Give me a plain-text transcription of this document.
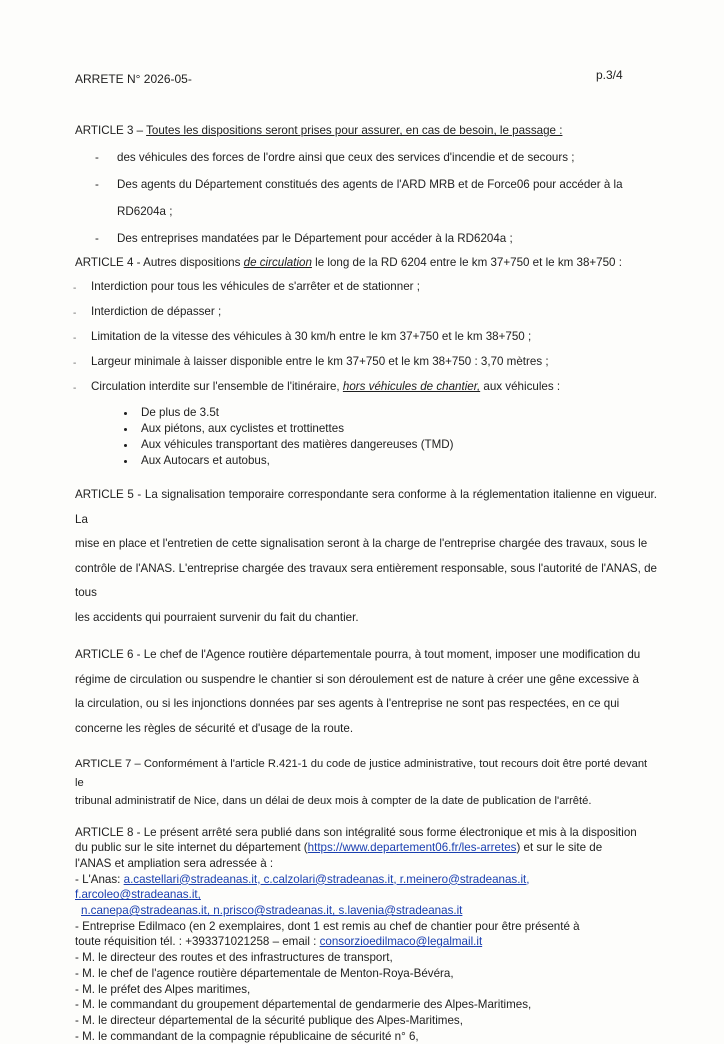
ARRETE N° 2026-05-	p.3/4

ARTICLE 3 – Toutes les dispositions seront prises pour assurer, en cas de besoin, le passage :

- des véhicules des forces de l'ordre ainsi que ceux des services d'incendie et de secours ;
- Des agents du Département constitués des agents de l'ARD MRB et de Force06 pour accéder à la
RD6204a ;
- Des entreprises mandatées par le Département pour accéder à la RD6204a ;

ARTICLE 4 - Autres dispositions de circulation le long de la RD 6204 entre le km 37+750 et le km 38+750 :

- Interdiction pour tous les véhicules de s'arrêter et de stationner ;
- Interdiction de dépasser ;
- Limitation de la vitesse des véhicules à 30 km/h entre le km 37+750 et le km 38+750 ;
- Largeur minimale à laisser disponible entre le km 37+750 et le km 38+750 : 3,70 mètres ;
- Circulation interdite sur l'ensemble de l'itinéraire, hors véhicules de chantier, aux véhicules :
• De plus de 3.5t
• Aux piétons, aux cyclistes et trottinettes
• Aux véhicules transportant des matières dangereuses (TMD)
• Aux Autocars et autobus,
ARTICLE 5 - La signalisation temporaire correspondante sera conforme à la réglementation italienne en vigueur. La
mise en place et l'entretien de cette signalisation seront à la charge de l'entreprise chargée des travaux, sous le
contrôle de l'ANAS. L'entreprise chargée des travaux sera entièrement responsable, sous l'autorité de l'ANAS, de tous
les accidents qui pourraient survenir du fait du chantier.
ARTICLE 6 - Le chef de l'Agence routière départementale pourra, à tout moment, imposer une modification du
régime de circulation ou suspendre le chantier si son déroulement est de nature à créer une gêne excessive à
la circulation, ou si les injonctions données par ses agents à l'entreprise ne sont pas respectées, en ce qui
concerne les règles de sécurité et d'usage de la route.
ARTICLE 7 – Conformément à l'article R.421-1 du code de justice administrative, tout recours doit être porté devant le
tribunal administratif de Nice, dans un délai de deux mois à compter de la date de publication de l'arrêté.
ARTICLE 8 - Le présent arrêté sera publié dans son intégralité sous forme électronique et mis à la disposition
du public sur le site internet du département (https://www.departement06.fr/les-arretes) et sur le site de
l'ANAS et ampliation sera adressée à :
- L'Anas: a.castellari@stradeanas.it, c.calzolari@stradeanas.it, r.meinero@stradeanas.it, f.arcoleo@stradeanas.it,
n.canepa@stradeanas.it, n.prisco@stradeanas.it, s.lavenia@stradeanas.it
- Entreprise Edilmaco (en 2 exemplaires, dont 1 est remis au chef de chantier pour être présenté à
toute réquisition tél. : +393371021258 – email : consorzioedilmaco@legalmail.it
- M. le directeur des routes et des infrastructures de transport,
- M. le chef de l'agence routière départementale de Menton-Roya-Bévéra,
- M. le préfet des Alpes maritimes,
- M. le commandant du groupement départemental de gendarmerie des Alpes-Maritimes,
- M. le directeur départemental de la sécurité publique des Alpes-Maritimes,
- M. le commandant de la compagnie républicaine de sécurité n° 6,
